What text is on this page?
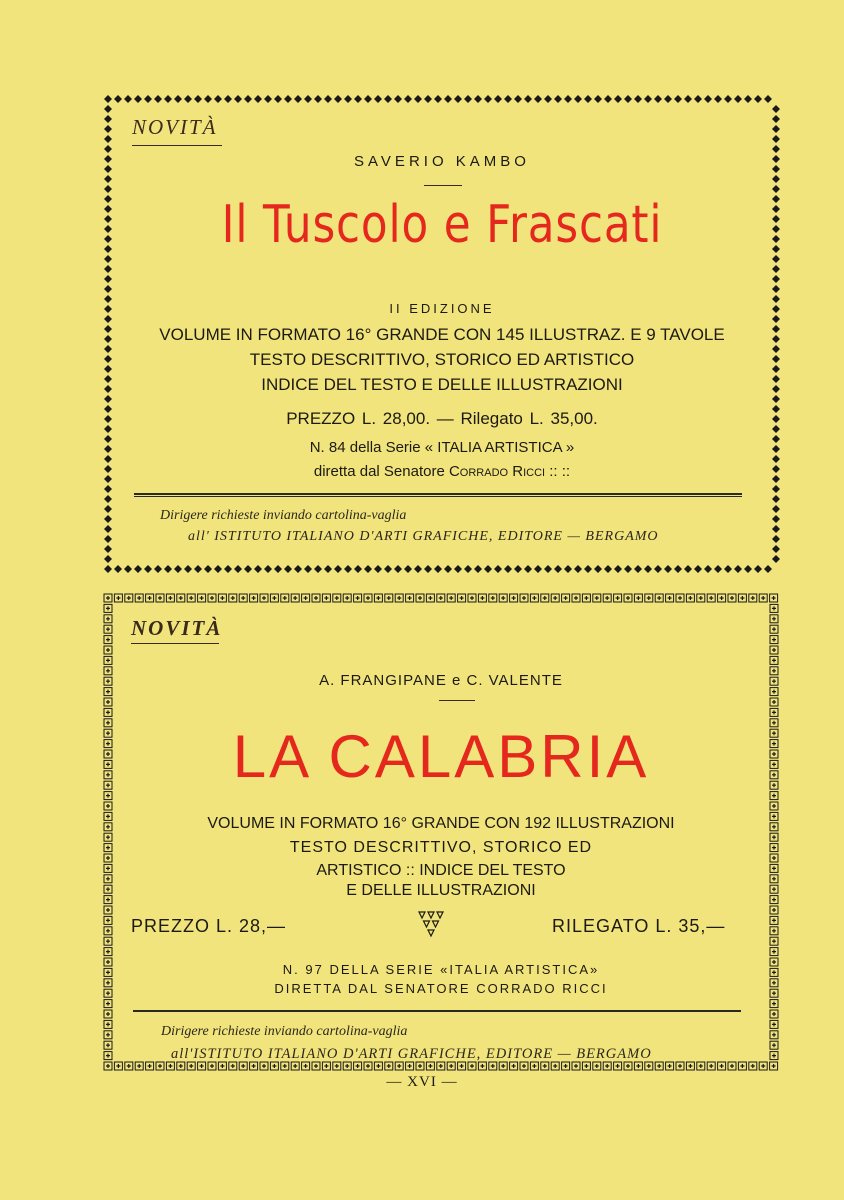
NOVITÀ
SAVERIO KAMBO
Il Tuscolo e Frascati
II EDIZIONE
VOLUME IN FORMATO 16° GRANDE CON 145 ILLUSTRAZ. E 9 TAVOLE
TESTO DESCRITTIVO, STORICO ED ARTISTICO
INDICE DEL TESTO E DELLE ILLUSTRAZIONI
PREZZO L. 28,00. — Rilegato L. 35,00.
N. 84 della Serie « ITALIA ARTISTICA »
diretta dal Senatore Corrado Ricci :: ::
Dirigere richieste inviando cartolina-vaglia
all' ISTITUTO ITALIANO D'ARTI GRAFICHE, EDITORE — BERGAMO
NOVITÀ
A. FRANGIPANE e C. VALENTE
LA CALABRIA
VOLUME IN FORMATO 16° GRANDE CON 192 ILLUSTRAZIONI
TESTO DESCRITTIVO, STORICO ED
ARTISTICO :: INDICE DEL TESTO
E DELLE ILLUSTRAZIONI
PREZZO L. 28,—	RILEGATO L. 35,—
N. 97 DELLA SERIE «ITALIA ARTISTICA»
DIRETTA DAL SENATORE CORRADO RICCI
Dirigere richieste inviando cartolina-vaglia
all'ISTITUTO ITALIANO D'ARTI GRAFICHE, EDITORE — BERGAMO
— XVI —
